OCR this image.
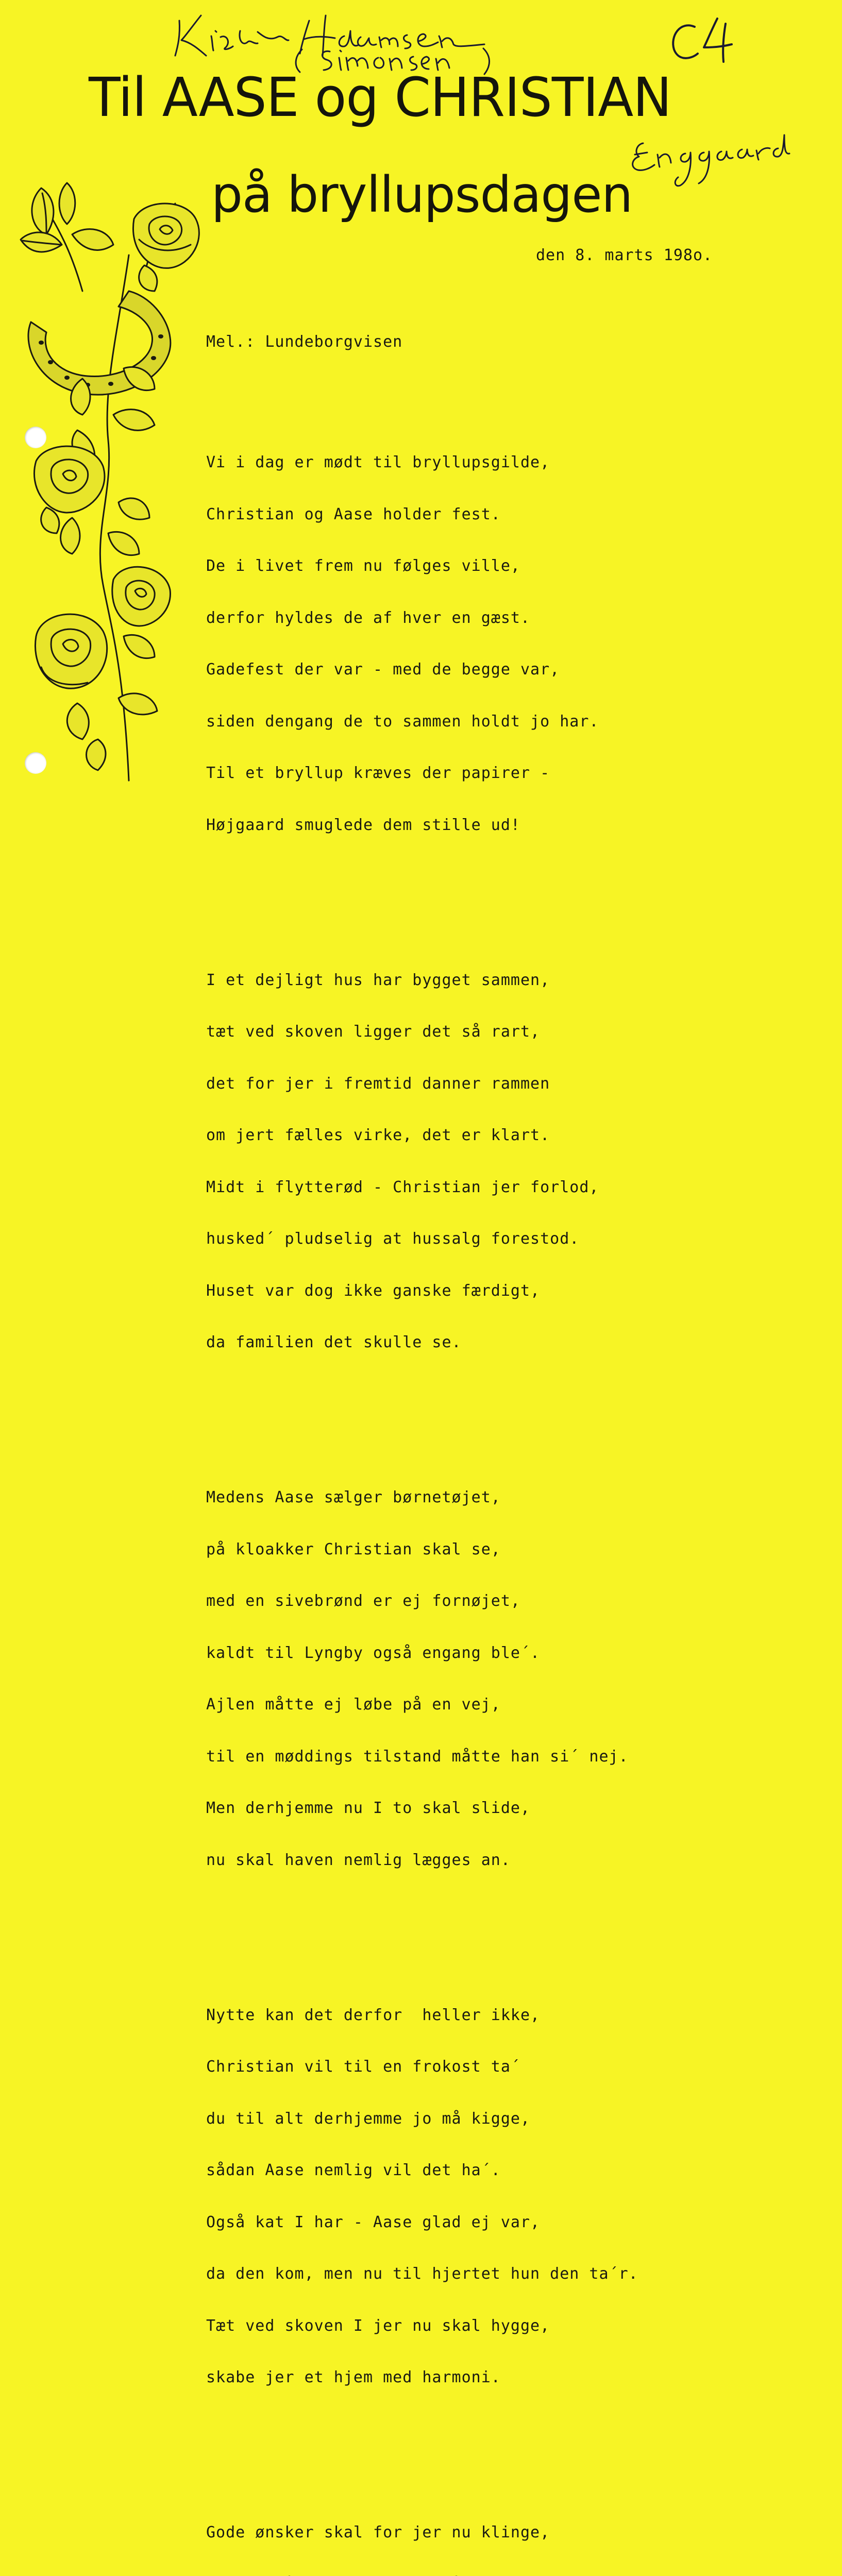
Til AASE og CHRISTIAN
på bryllupsdagen
den 8. marts 198o.

Mel.: Lundeborgvisen

Vi i dag er mødt til bryllupsgilde,

Christian og Aase holder fest.

De i livet frem nu følges ville,

derfor hyldes de af hver en gæst.

Gadefest der var - med de begge var,

siden dengang de to sammen holdt jo har.

Til et bryllup kræves der papirer -

Højgaard smuglede dem stille ud!

I et dejligt hus har bygget sammen,

tæt ved skoven ligger det så rart,

det for jer i fremtid danner rammen

om jert fælles virke, det er klart.

Midt i flytterød - Christian jer forlod,

husked´ pludselig at hussalg forestod.

Huset var dog ikke ganske færdigt,

da familien det skulle se.

Medens Aase sælger børnetøjet,

på kloakker Christian skal se,

med en sivebrønd er ej fornøjet,

kaldt til Lyngby også engang ble´.

Ajlen måtte ej løbe på en vej,

til en møddings tilstand måtte han si´ nej.

Men derhjemme nu I to skal slide,

nu skal haven nemlig lægges an.

Nytte kan det derfor  heller ikke,

Christian vil til en frokost ta´

du til alt derhjemme jo må kigge,

sådan Aase nemlig vil det ha´.

Også kat I har - Aase glad ej var,

da den kom, men nu til hjertet hun den ta´r.

Tæt ved skoven I jer nu skal hygge,

skabe jer et hjem med harmoni.

Gode ønsker skal for jer nu klinge,
